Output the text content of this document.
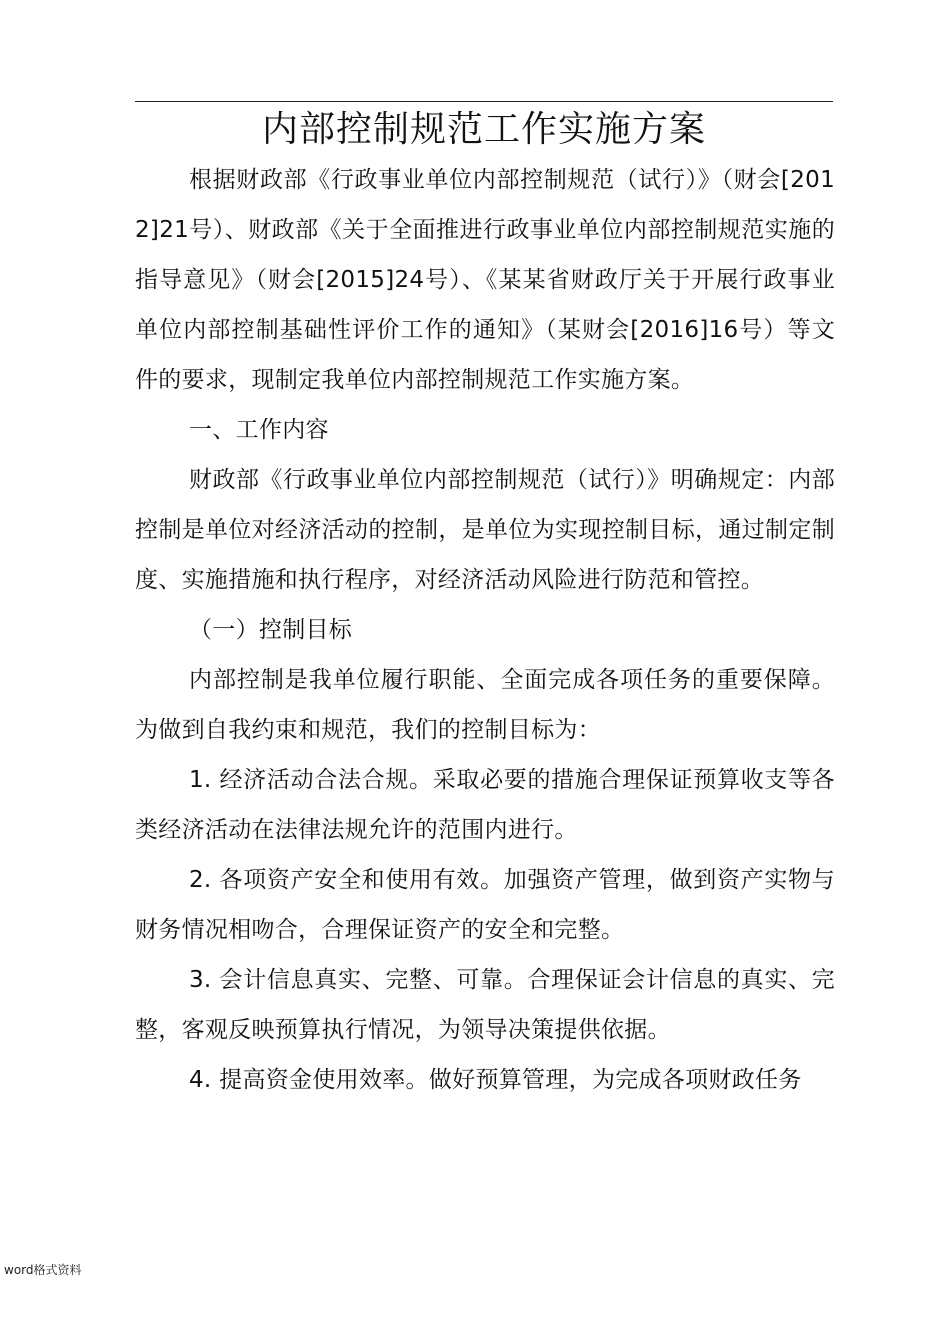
内部控制规范工作实施方案

根据财政部《行政事业单位内部控制规范（试行）》（财会[2012]21号）、财政部《关于全面推进行政事业单位内部控制规范实施的指导意见》（财会[2015]24号）、《某某省财政厅关于开展行政事业单位内部控制基础性评价工作的通知》（某财会[2016]16号）等文件的要求，现制定我单位内部控制规范工作实施方案。

一、工作内容

财政部《行政事业单位内部控制规范（试行）》明确规定：内部控制是单位对经济活动的控制，是单位为实现控制目标，通过制定制度、实施措施和执行程序，对经济活动风险进行防范和管控。

（一）控制目标

内部控制是我单位履行职能、全面完成各项任务的重要保障。为做到自我约束和规范，我们的控制目标为：

1. 经济活动合法合规。采取必要的措施合理保证预算收支等各类经济活动在法律法规允许的范围内进行。

2. 各项资产安全和使用有效。加强资产管理，做到资产实物与财务情况相吻合，合理保证资产的安全和完整。

3. 会计信息真实、完整、可靠。合理保证会计信息的真实、完整，客观反映预算执行情况，为领导决策提供依据。

4. 提高资金使用效率。做好预算管理，为完成各项财政任务

word格式资料
